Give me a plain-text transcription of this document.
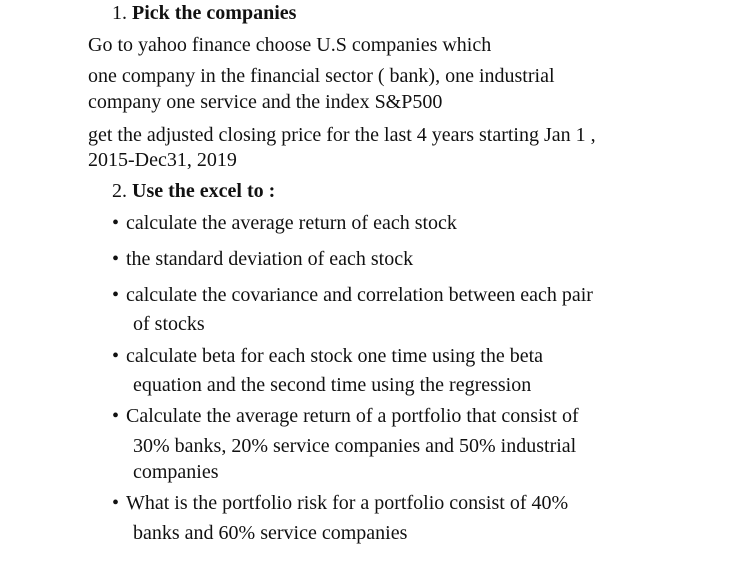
1. Pick the companies
Go to yahoo finance choose U.S companies which
one company in the financial sector ( bank), one industrial
company one service and the index S&P500
get the adjusted closing price for the last 4 years starting Jan 1 ,
2015-Dec31, 2019
2. Use the excel to :
• calculate the average return of each stock
• the standard deviation of each stock
• calculate the covariance and correlation between each pair
of stocks
• calculate beta for each stock one time using the beta
equation and the second time using the regression
• Calculate the average return of a portfolio that consist of
30% banks, 20% service companies and 50% industrial
companies
• What is the portfolio risk for a portfolio consist of 40%
banks and 60% service companies
